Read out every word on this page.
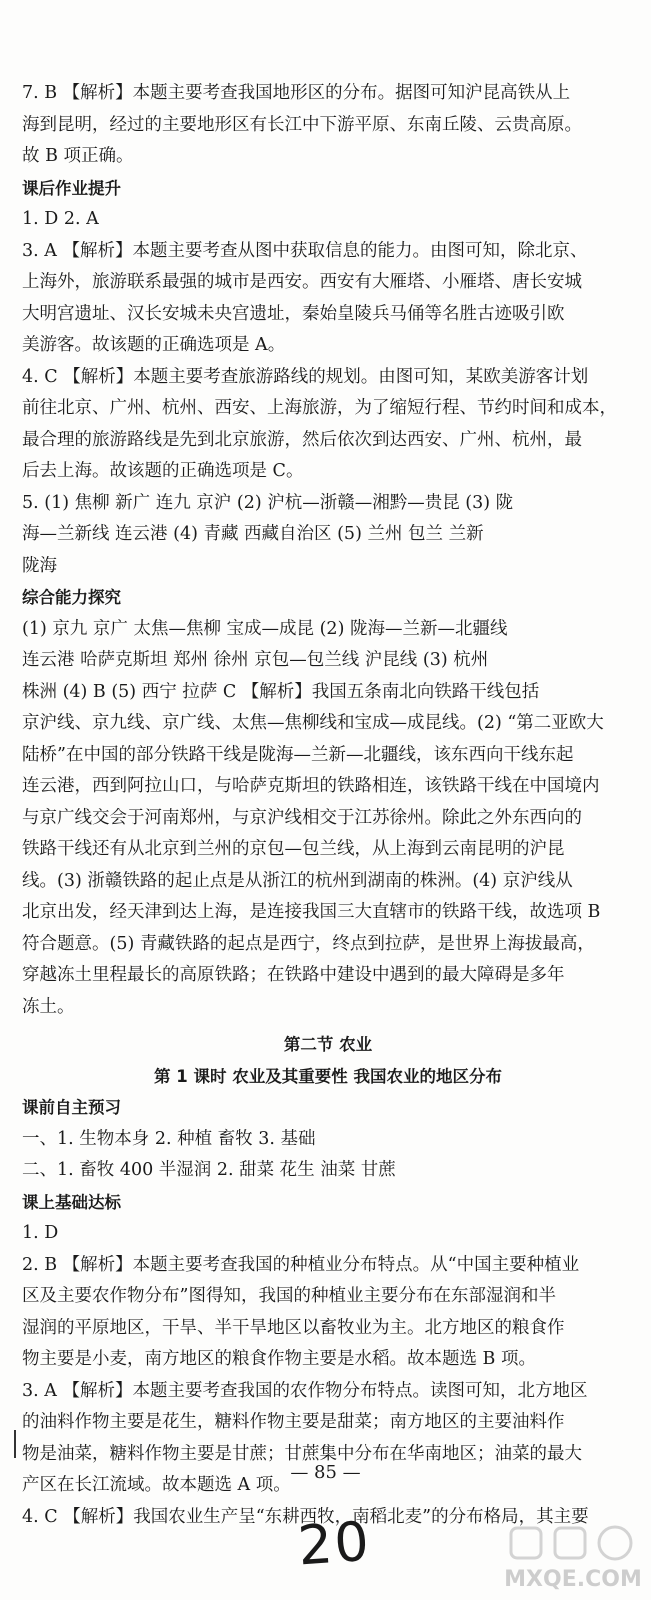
7. B 【解析】本题主要考查我国地形区的分布。据图可知沪昆高铁从上
海到昆明，经过的主要地形区有长江中下游平原、东南丘陵、云贵高原。
故 B 项正确。
课后作业提升
1. D 2. A
3. A 【解析】本题主要考查从图中获取信息的能力。由图可知，除北京、
上海外，旅游联系最强的城市是西安。西安有大雁塔、小雁塔、唐长安城
大明宫遗址、汉长安城未央宫遗址，秦始皇陵兵马俑等名胜古迹吸引欧
美游客。故该题的正确选项是 A。
4. C 【解析】本题主要考查旅游路线的规划。由图可知，某欧美游客计划
前往北京、广州、杭州、西安、上海旅游，为了缩短行程、节约时间和成本，
最合理的旅游路线是先到北京旅游，然后依次到达西安、广州、杭州，最
后去上海。故该题的正确选项是 C。
5. (1) 焦柳 新广 连九 京沪 (2) 沪杭—浙赣—湘黔—贵昆 (3) 陇
海—兰新线 连云港 (4) 青藏 西藏自治区 (5) 兰州 包兰 兰新
陇海
综合能力探究
(1) 京九 京广 太焦—焦柳 宝成—成昆 (2) 陇海—兰新—北疆线
连云港 哈萨克斯坦 郑州 徐州 京包—包兰线 沪昆线 (3) 杭州
株洲 (4) B (5) 西宁 拉萨 C 【解析】我国五条南北向铁路干线包括
京沪线、京九线、京广线、太焦—焦柳线和宝成—成昆线。(2) “第二亚欧大
陆桥”在中国的部分铁路干线是陇海—兰新—北疆线，该东西向干线东起
连云港，西到阿拉山口，与哈萨克斯坦的铁路相连，该铁路干线在中国境内
与京广线交会于河南郑州，与京沪线相交于江苏徐州。除此之外东西向的
铁路干线还有从北京到兰州的京包—包兰线，从上海到云南昆明的沪昆
线。(3) 浙赣铁路的起止点是从浙江的杭州到湖南的株洲。(4) 京沪线从
北京出发，经天津到达上海，是连接我国三大直辖市的铁路干线，故选项 B
符合题意。(5) 青藏铁路的起点是西宁，终点到拉萨，是世界上海拔最高，
穿越冻土里程最长的高原铁路；在铁路中建设中遇到的最大障碍是多年
冻土。
第二节 农业
第 1 课时 农业及其重要性 我国农业的地区分布
课前自主预习
一、1. 生物本身 2. 种植 畜牧 3. 基础
二、1. 畜牧 400 半湿润 2. 甜菜 花生 油菜 甘蔗
课上基础达标
1. D
2. B 【解析】本题主要考查我国的种植业分布特点。从“中国主要种植业
区及主要农作物分布”图得知，我国的种植业主要分布在东部湿润和半
湿润的平原地区，干旱、半干旱地区以畜牧业为主。北方地区的粮食作
物主要是小麦，南方地区的粮食作物主要是水稻。故本题选 B 项。
3. A 【解析】本题主要考查我国的农作物分布特点。读图可知，北方地区
的油料作物主要是花生，糖料作物主要是甜菜；南方地区的主要油料作
物是油菜，糖料作物主要是甘蔗；甘蔗集中分布在华南地区；油菜的最大
产区在长江流域。故本题选 A 项。
4. C 【解析】我国农业生产呈“东耕西牧，南稻北麦”的分布格局，其主要
— 85 —
20
MXQE.COM
